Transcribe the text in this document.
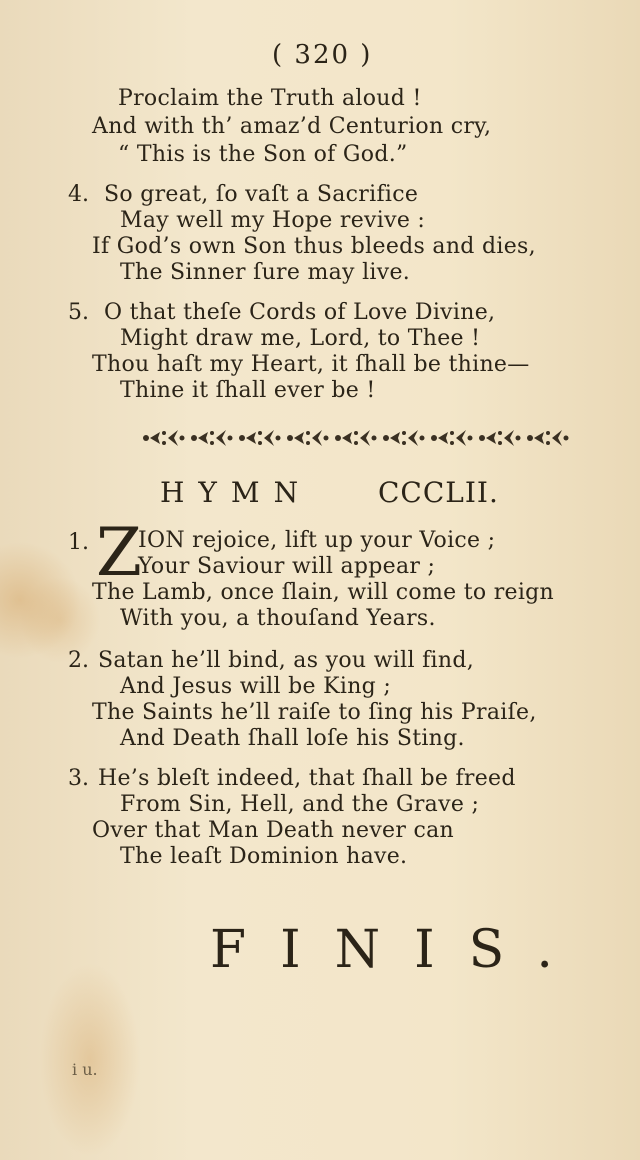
( 320 )
Proclaim the Truth aloud !
And with th’ amaz’d Centurion cry,
“ This is the Son of God.”
4. So great, ſo vaſt a Sacrifice
May well my Hope revive :
If God’s own Son thus bleeds and dies,
The Sinner ſure may live.
5. O that theſe Cords of Love Divine,
Might draw me, Lord, to Thee !
Thou haſt my Heart, it ſhall be thine—
Thine it ſhall ever be !
HYMN CCCLII.
1. Z
ION rejoice, lift up your Voice ;
Your Saviour will appear ;
The Lamb, once ſlain, will come to reign
With you, a thouſand Years.
2. Satan he’ll bind, as you will find,
And Jesus will be King ;
The Saints he’ll raiſe to ſing his Praiſe,
And Death ſhall loſe his Sting.
3. He’s bleſt indeed, that ſhall be freed
From Sin, Hell, and the Grave ;
Over that Man Death never can
The leaſt Dominion have.
FINIS.
i u.
